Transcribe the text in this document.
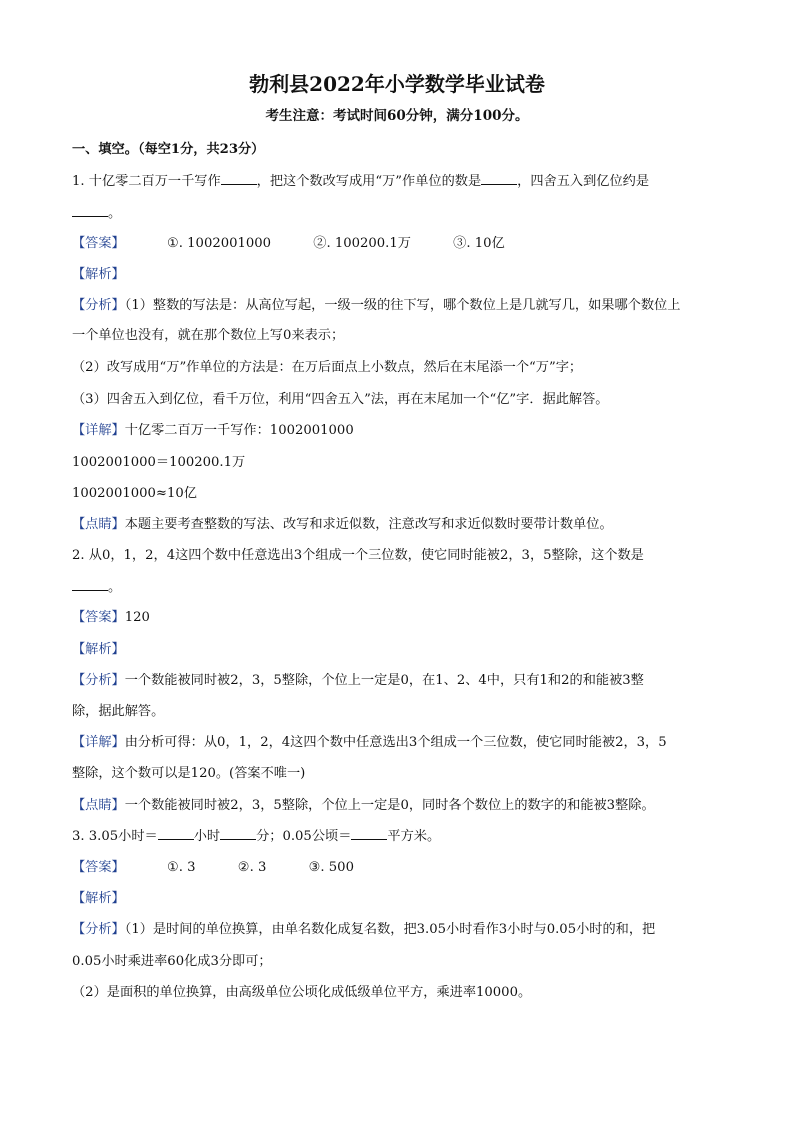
勃利县2022年小学数学毕业试卷
考生注意：考试时间60分钟，满分100分。
一、填空。（每空1分，共23分）
1. 十亿零二百万一千写作	，把这个数改写成用“万”作单位的数是	，四舍五入到亿位约是
。
【答案】	①. 1002001000	②. 100200.1万	③. 10亿
【解析】
【分析】（1）整数的写法是：从高位写起，一级一级的往下写，哪个数位上是几就写几，如果哪个数位上
一个单位也没有，就在那个数位上写0来表示；
（2）改写成用“万”作单位的方法是：在万后面点上小数点，然后在末尾添一个“万”字；
（3）四舍五入到亿位，看千万位，利用“四舍五入”法，再在末尾加一个“亿”字．据此解答。
【详解】十亿零二百万一千写作：1002001000
1002001000＝100200.1万
1002001000≈10亿
【点睛】本题主要考查整数的写法、改写和求近似数，注意改写和求近似数时要带计数单位。
2. 从0，1，2，4这四个数中任意选出3个组成一个三位数，使它同时能被2，3，5整除，这个数是
。
【答案】120
【解析】
【分析】一个数能被同时被2，3，5整除，个位上一定是0，在1、2、4中，只有1和2的和能被3整
除，据此解答。
【详解】由分析可得：从0，1，2，4这四个数中任意选出3个组成一个三位数，使它同时能被2，3，5
整除，这个数可以是120。(答案不唯一)
【点睛】一个数能被同时被2，3，5整除，个位上一定是0，同时各个数位上的数字的和能被3整除。
3. 3.05小时＝	小时	分；0.05公顷＝	平方米。
【答案】	①. 3	②. 3	③. 500
【解析】
【分析】（1）是时间的单位换算，由单名数化成复名数，把3.05小时看作3小时与0.05小时的和，把
0.05小时乘进率60化成3分即可；
（2）是面积的单位换算，由高级单位公顷化成低级单位平方，乘进率10000。
